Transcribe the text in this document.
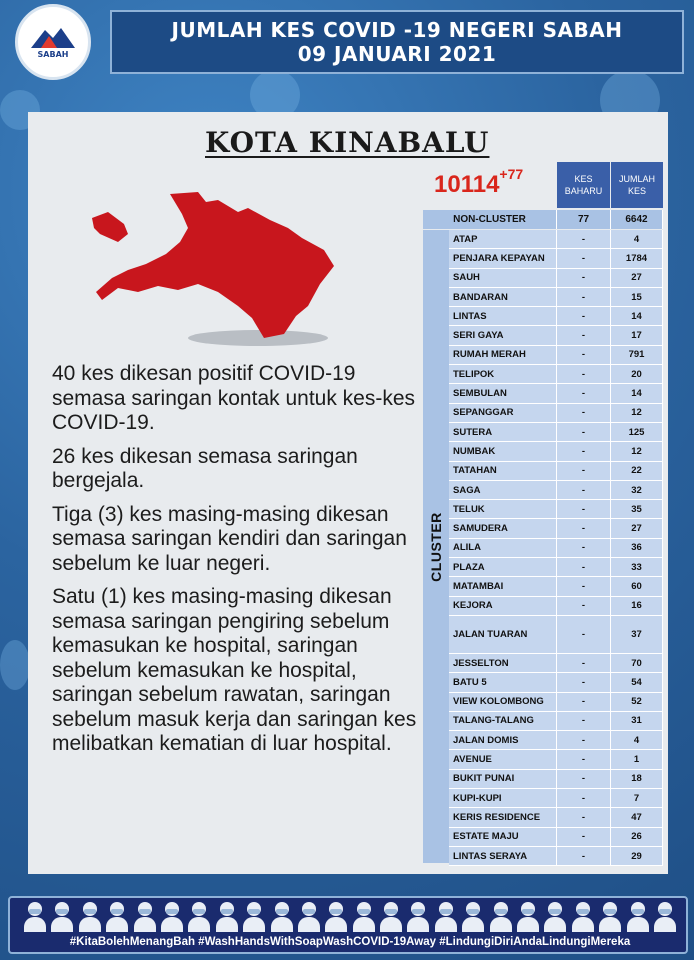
SABAH
JUMLAH KES COVID -19 NEGERI SABAH
09 JANUARI 2021
KOTA KINABALU

40 kes dikesan positif COVID-19 semasa saringan kontak untuk kes-kes COVID-19.

26 kes dikesan semasa saringan bergejala.

Tiga (3) kes masing-masing dikesan semasa saringan kendiri dan saringan sebelum ke luar negeri.

Satu (1) kes masing-masing dikesan semasa saringan pengiring sebelum kemasukan ke hospital, saringan sebelum kemasukan ke hospital, saringan sebelum rawatan, saringan sebelum masuk kerja dan saringan kes melibatkan kematian di luar hospital.

$10114^{+77}$	KES BAHARU
JUMLAH KES
NON-CLUSTER	77	6642
CLUSTER
ATAP	-	4
PENJARA KEPAYAN	-	1784
SAUH	-	27
BANDARAN	-	15
LINTAS	-	14
SERI GAYA	-	17
RUMAH MERAH	-	791
TELIPOK	-	20
SEMBULAN	-	14
SEPANGGAR	-	12
SUTERA	-	125
NUMBAK	-	12
TATAHAN	-	22
SAGA	-	32
TELUK	-	35
SAMUDERA	-	27
ALILA	-	36
PLAZA	-	33
MATAMBAI	-	60
KEJORA	-	16
JALAN TUARAN	-	37
JESSELTON	-	70
BATU 5	-	54
VIEW KOLOMBONG	-	52
TALANG-TALANG	-	31
JALAN DOMIS	-	4
AVENUE	-	1
BUKIT PUNAI	-	18
KUPI-KUPI	-	7
KERIS RESIDENCE	-	47
ESTATE MAJU	-	26
LINTAS SERAYA	-	29
#KitaBolehMenangBah #WashHandsWithSoapWashCOVID-19Away #LindungiDiriAndaLindungiMereka
